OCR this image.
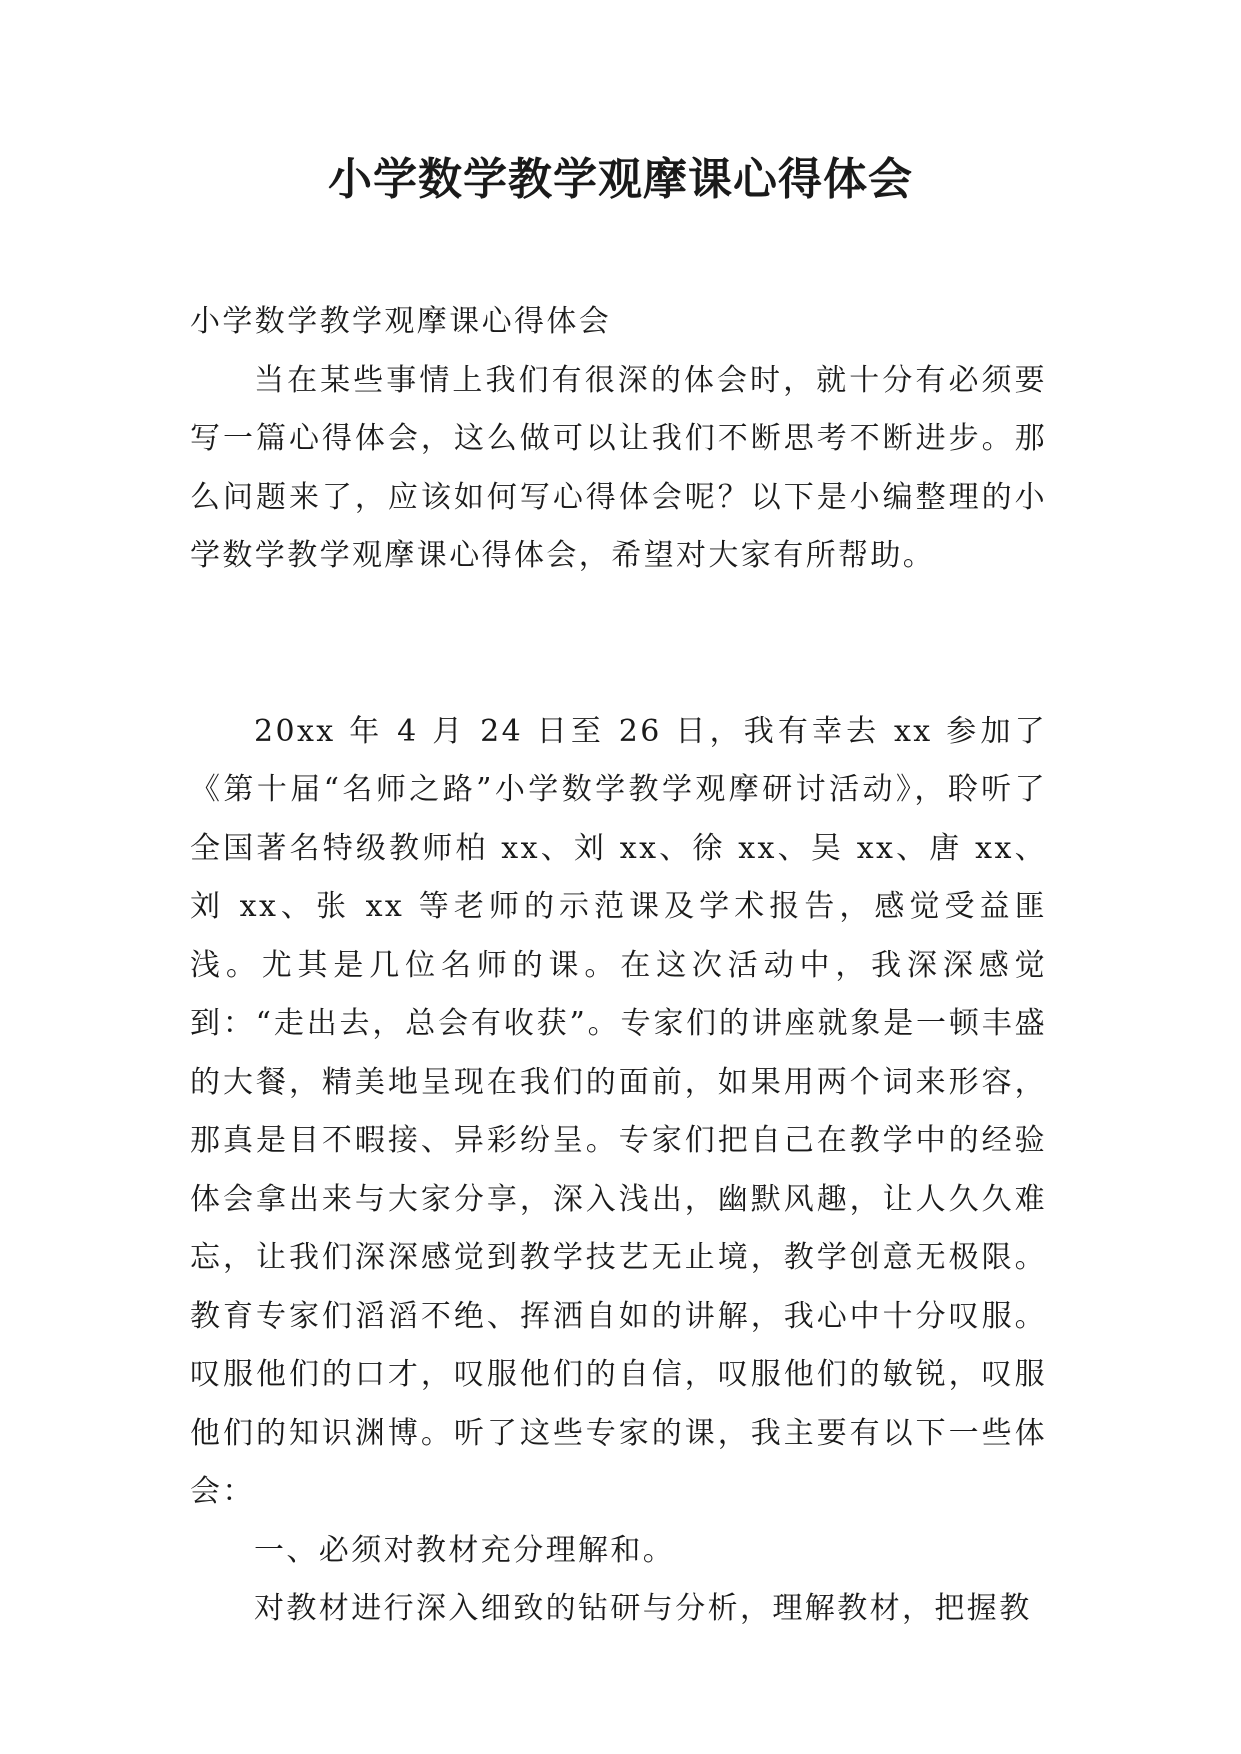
小学数学教学观摩课心得体会

小学数学教学观摩课心得体会

当在某些事情上我们有很深的体会时，就十分有必须要写一篇心得体会，这么做可以让我们不断思考不断进步。那么问题来了，应该如何写心得体会呢？以下是小编整理的小学数学教学观摩课心得体会，希望对大家有所帮助。

20xx 年 4 月 24 日至 26 日，我有幸去 xx 参加了《第十届“名师之路”小学数学教学观摩研讨活动》，聆听了全国著名特级教师柏 xx、刘 xx、徐 xx、吴 xx、唐 xx、刘 xx、张 xx 等老师的示范课及学术报告，感觉受益匪浅。尤其是几位名师的课。在这次活动中，我深深感觉到：“走出去，总会有收获”。专家们的讲座就象是一顿丰盛的大餐，精美地呈现在我们的面前，如果用两个词来形容，那真是目不暇接、异彩纷呈。专家们把自己在教学中的经验体会拿出来与大家分享，深入浅出，幽默风趣，让人久久难忘，让我们深深感觉到教学技艺无止境，教学创意无极限。教育专家们滔滔不绝、挥洒自如的讲解，我心中十分叹服。叹服他们的口才，叹服他们的自信，叹服他们的敏锐，叹服他们的知识渊博。听了这些专家的课，我主要有以下一些体会：

一、必须对教材充分理解和。

对教材进行深入细致的钻研与分析，理解教材，把握教
